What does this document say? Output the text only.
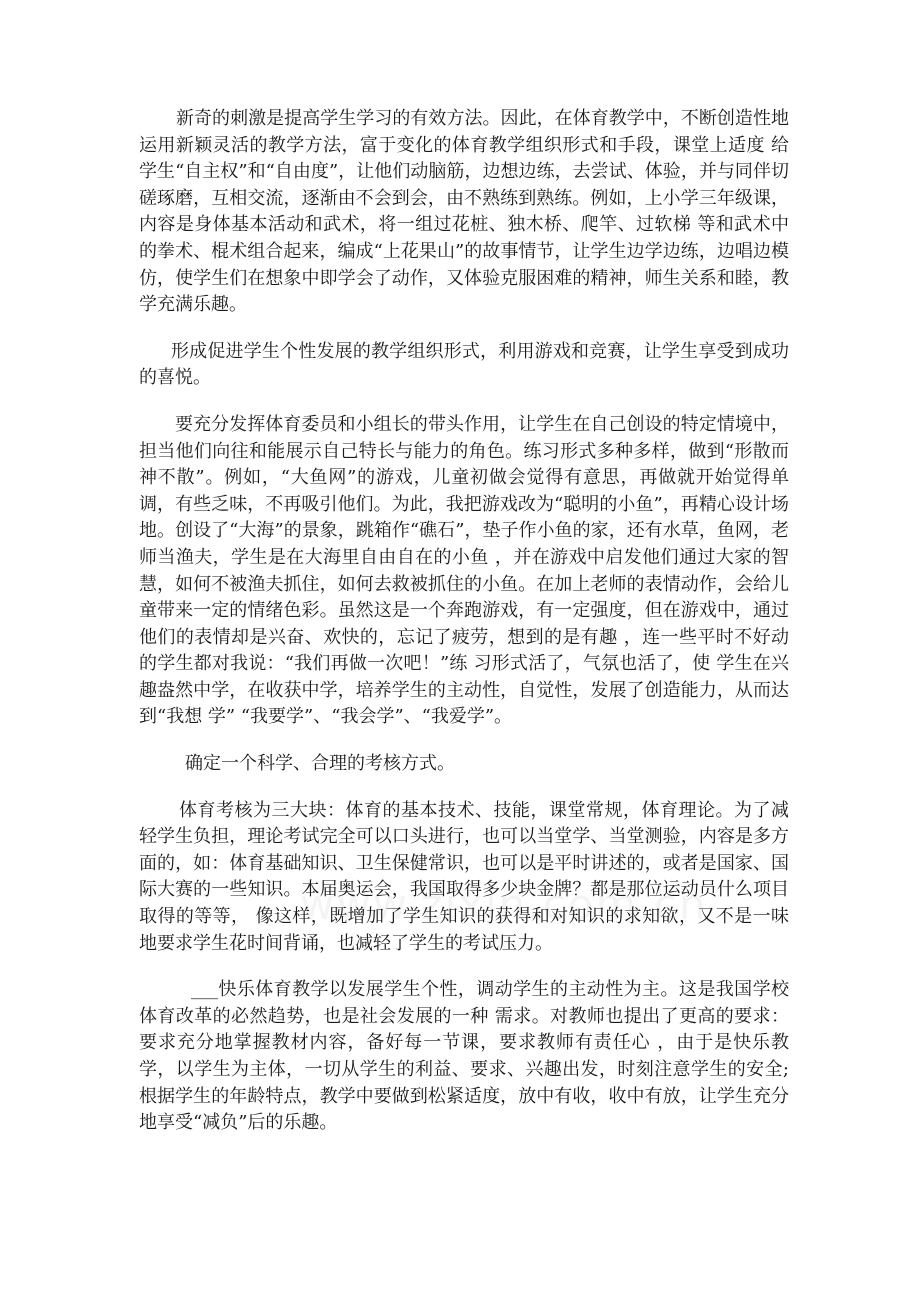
新奇的刺激是提高学生学习的有效方法。因此，在体育教学中，不断创造性地运用新颖灵活的教学方法，富于变化的体育教学组织形式和手段，课堂上适度 给学生“自主权”和“自由度”，让他们动脑筋，边想边练，去尝试、体验，并与同伴切磋琢磨，互相交流，逐渐由不会到会，由不熟练到熟练。例如，上小学三年级课，内容是身体基本活动和武术，将一组过花桩、独木桥、爬竿、过软梯 等和武术中的拳术、棍术组合起来，编成“上花果山”的故事情节，让学生边学边练，边唱边模仿，使学生们在想象中即学会了动作，又体验克服困难的精神，师生关系和睦，教学充满乐趣。

形成促进学生个性发展的教学组织形式，利用游戏和竞赛，让学生享受到成功的喜悦。

要充分发挥体育委员和小组长的带头作用，让学生在自己创设的特定情境中，担当他们向往和能展示自己特长与能力的角色。练习形式多种多样，做到“形散而神不散”。例如，“大鱼网”的游戏，儿童初做会觉得有意思，再做就开始觉得单调，有些乏味，不再吸引他们。为此，我把游戏改为“聪明的小鱼”，再精心设计场地。创设了“大海”的景象，跳箱作“礁石”，垫子作小鱼的家，还有水草，鱼网，老师当渔夫，学生是在大海里自由自在的小鱼 ，并在游戏中启发他们通过大家的智慧，如何不被渔夫抓住，如何去救被抓住的小鱼。在加上老师的表情动作，会给儿童带来一定的情绪色彩。虽然这是一个奔跑游戏，有一定强度，但在游戏中，通过他们的表情却是兴奋、欢快的，忘记了疲劳，想到的是有趣 ，连一些平时不好动的学生都对我说：“我们再做一次吧！”练 习形式活了，气氛也活了，使 学生在兴趣盎然中学，在收获中学，培养学生的主动性，自觉性，发展了创造能力，从而达到“我想 学” “我要学”、“我会学”、“我爱学”。

确定一个科学、合理的考核方式。

体育考核为三大块：体育的基本技术、技能，课堂常规，体育理论。为了减轻学生负担，理论考试完全可以口头进行，也可以当堂学、当堂测验，内容是多方面的，如：体育基础知识、卫生保健常识，也可以是平时讲述的，或者是国家、国际大赛的一些知识。本届奥运会，我国取得多少块金牌？都是那位运动员什么项目取得的等等， 像这样，既增加了学生知识的获得和对知识的求知欲，又不是一味地要求学生花时间背诵，也减轻了学生的考试压力。

___快乐体育教学以发展学生个性，调动学生的主动性为主。这是我国学校体育改革的必然趋势，也是社会发展的一种 需求。对教师也提出了更高的要求：要求充分地掌握教材内容，备好每一节课，要求教师有责任心 ，由于是快乐教学，以学生为主体，一切从学生的利益、要求、兴趣出发，时刻注意学生的安全;根据学生的年龄特点，教学中要做到松紧适度，放中有收，收中有放，让学生充分地享受“减负”后的乐趣。
